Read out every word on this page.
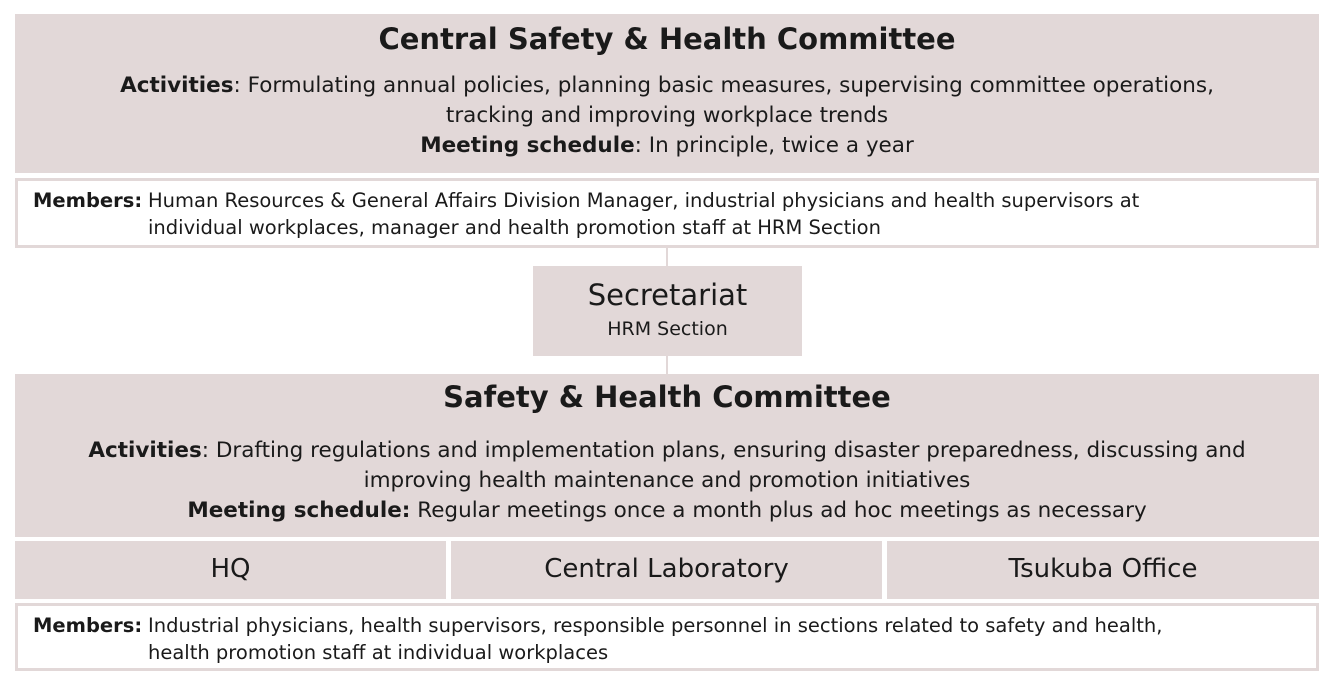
Central Safety & Health Committee
Activities: Formulating annual policies, planning basic measures, supervising committee operations,
tracking and improving workplace trends
Meeting schedule: In principle, twice a year
Members: Human Resources & General Affairs Division Manager, industrial physicians and health supervisors at
individual workplaces, manager and health promotion staff at HRM Section
Secretariat
HRM Section
Safety & Health Committee
Activities: Drafting regulations and implementation plans, ensuring disaster preparedness, discussing and
improving health maintenance and promotion initiatives
Meeting schedule: Regular meetings once a month plus ad hoc meetings as necessary
HQ	Central Laboratory	Tsukuba Office
Members: Industrial physicians, health supervisors, responsible personnel in sections related to safety and health,
health promotion staff at individual workplaces
